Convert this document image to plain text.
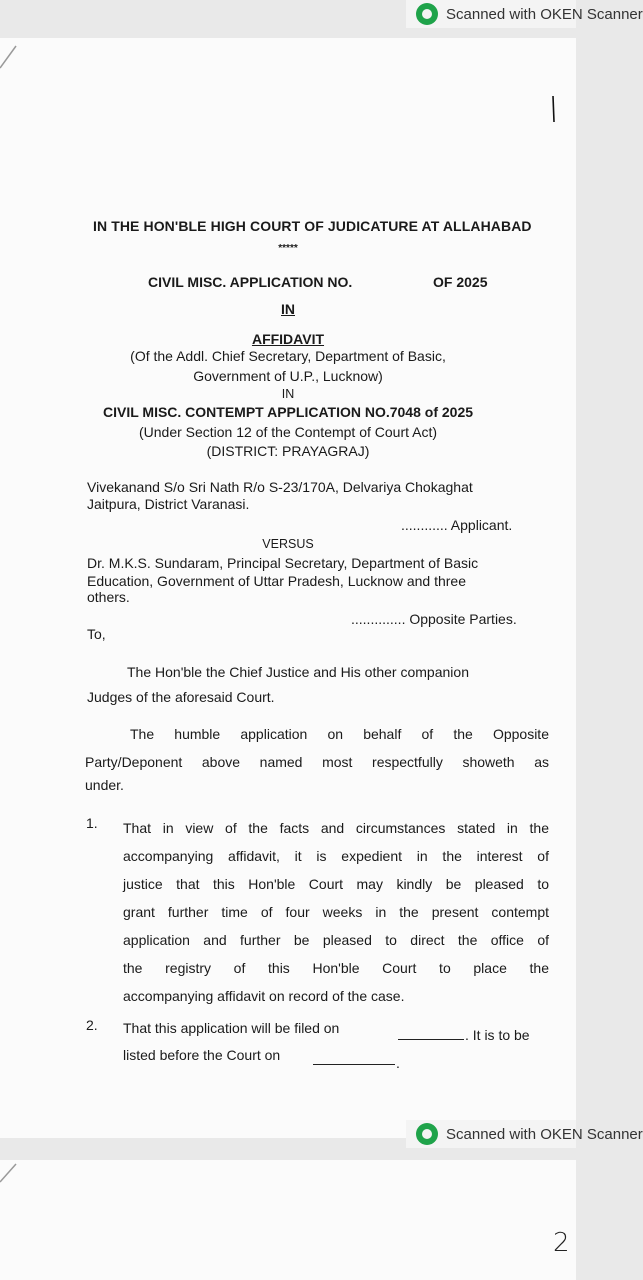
Scanned with OKEN Scanner
IN THE HON'BLE HIGH COURT OF JUDICATURE AT ALLAHABAD
*****
CIVIL MISC. APPLICATION NO.	OF 2025
IN
AFFIDAVIT
(Of the Addl. Chief Secretary, Department of Basic,
Government of U.P., Lucknow)
IN
CIVIL MISC. CONTEMPT APPLICATION NO.7048 of 2025
(Under Section 12 of the Contempt of Court Act)
(DISTRICT: PRAYAGRAJ)
Vivekanand S/o Sri Nath R/o S-23/170A, Delvariya Chokaghat
Jaitpura, District Varanasi.
............ Applicant.
VERSUS
Dr. M.K.S. Sundaram, Principal Secretary, Department of Basic
Education, Government of Uttar Pradesh, Lucknow and three
others.
.............. Opposite Parties.
To,
The Hon'ble the Chief Justice and His other companion
Judges of the aforesaid Court.
The humble application on behalf of the Opposite
Party/Deponent above named most respectfully showeth as
under.
1. That in view of the facts and circumstances stated in the
accompanying affidavit, it is expedient in the interest of
justice that this Hon'ble Court may kindly be pleased to
grant further time of four weeks in the present contempt
application and further be pleased to direct the office of
the registry of this Hon'ble Court to place the
accompanying affidavit on record of the case.
2. That this application will be filed on	. It is to be
listed before the Court on	.
Scanned with OKEN Scanner
2
